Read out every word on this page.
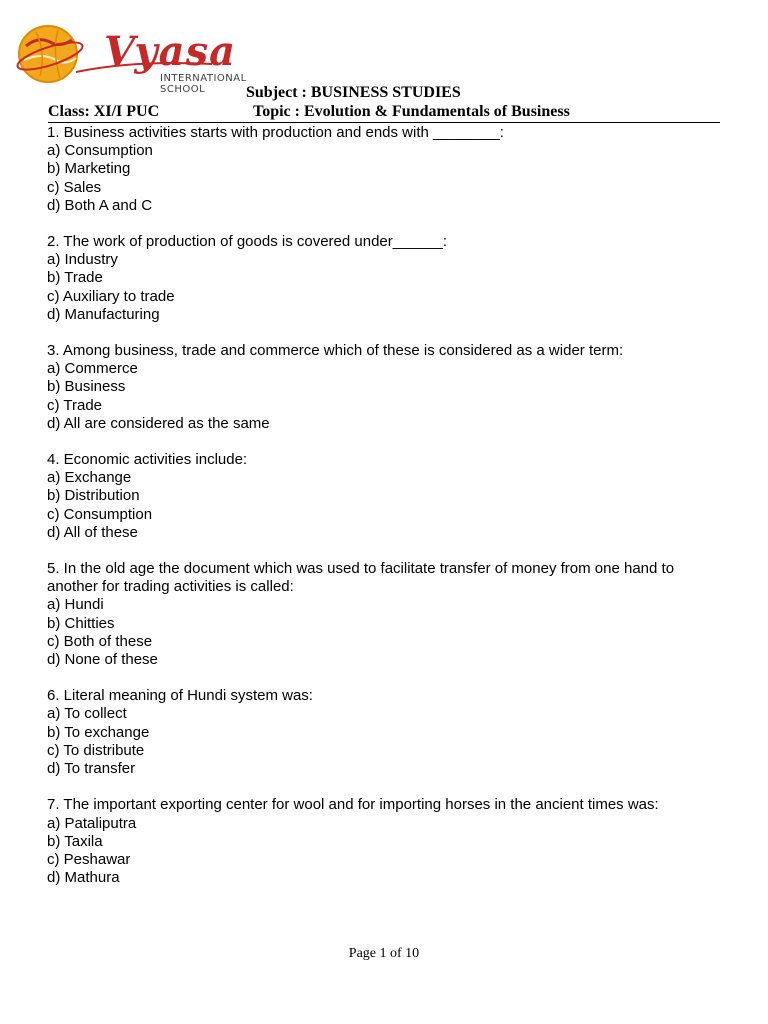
Vyasa
INTERNATIONAL SCHOOL	Subject : BUSINESS STUDIES
Class: XI/I PUC	Topic : Evolution & Fundamentals of Business

1. Business activities starts with production and ends with ________:

a) Consumption

b) Marketing

c) Sales

d) Both A and C

2. The work of production of goods is covered under______:

a) Industry

b) Trade

c) Auxiliary to trade

d) Manufacturing

3. Among business, trade and commerce which of these is considered as a wider term:

a) Commerce

b) Business

c) Trade

d) All are considered as the same

4. Economic activities include:

a) Exchange

b) Distribution

c) Consumption

d) All of these

5. In the old age the document which was used to facilitate transfer of money from one hand to another for trading activities is called:

a) Hundi

b) Chitties

c) Both of these

d) None of these

6. Literal meaning of Hundi system was:

a) To collect

b) To exchange

c) To distribute

d) To transfer

7. The important exporting center for wool and for importing horses in the ancient times was:

a) Pataliputra

b) Taxila

c) Peshawar

d) Mathura

Page 1 of 10
